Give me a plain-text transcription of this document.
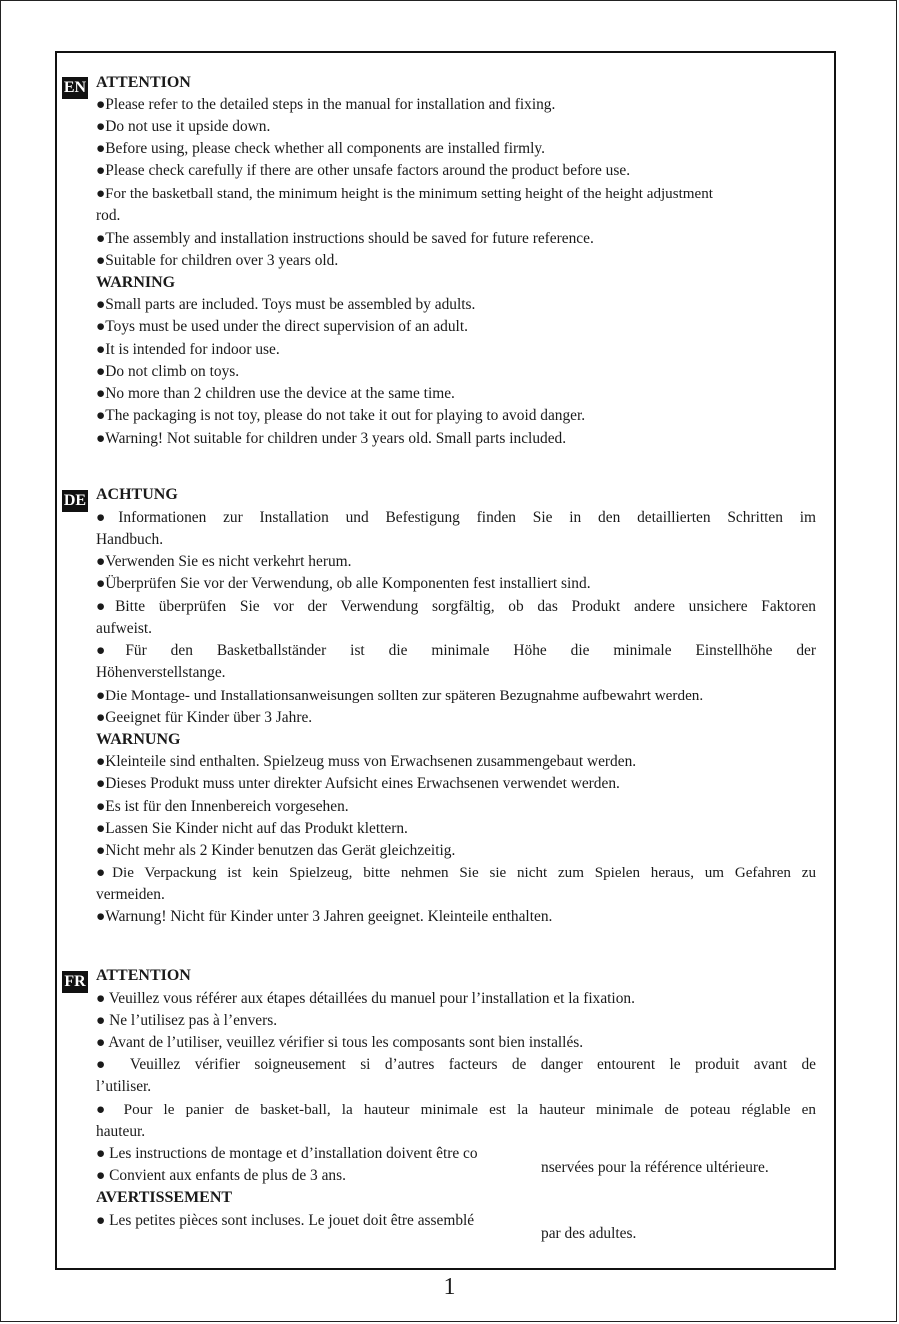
EN ATTENTION
●Please refer to the detailed steps in the manual for installation and fixing.
●Do not use it upside down.
●Before using, please check whether all components are installed firmly.
●Please check carefully if there are other unsafe factors around the product before use.
●For the basketball stand, the minimum height is the minimum setting height of the height adjustment
rod.
●The assembly and installation instructions should be saved for future reference.
●Suitable for children over 3 years old.
WARNING
●Small parts are included. Toys must be assembled by adults.
●Toys must be used under the direct supervision of an adult.
●It is intended for indoor use.
●Do not climb on toys.
●No more than 2 children use the device at the same time.
●The packaging is not toy, please do not take it out for playing to avoid danger.
●Warning! Not suitable for children under 3 years old. Small parts included.
DE ACHTUNG
●Informationen zur Installation und Befestigung finden Sie in den detaillierten Schritten im
Handbuch.
●Verwenden Sie es nicht verkehrt herum.
●Überprüfen Sie vor der Verwendung, ob alle Komponenten fest installiert sind.
●Bitte überprüfen Sie vor der Verwendung sorgfältig, ob das Produkt andere unsichere Faktoren
aufweist.
●Für den Basketballständer ist die minimale Höhe die minimale Einstellhöhe der
Höhenverstellstange.
●Die Montage- und Installationsanweisungen sollten zur späteren Bezugnahme aufbewahrt werden.
●Geeignet für Kinder über 3 Jahre.
WARNUNG
●Kleinteile sind enthalten. Spielzeug muss von Erwachsenen zusammengebaut werden.
●Dieses Produkt muss unter direkter Aufsicht eines Erwachsenen verwendet werden.
●Es ist für den Innenbereich vorgesehen.
●Lassen Sie Kinder nicht auf das Produkt klettern.
●Nicht mehr als 2 Kinder benutzen das Gerät gleichzeitig.
●Die Verpackung ist kein Spielzeug, bitte nehmen Sie sie nicht zum Spielen heraus, um Gefahren zu
vermeiden.
●Warnung! Nicht für Kinder unter 3 Jahren geeignet. Kleinteile enthalten.
FR ATTENTION
● Veuillez vous référer aux étapes détaillées du manuel pour l’installation et la fixation.
● Ne l’utilisez pas à l’envers.
● Avant de l’utiliser, veuillez vérifier si tous les composants sont bien installés.
● Veuillez vérifier soigneusement si d’autres facteurs de danger entourent le produit avant de
l’utiliser.
● Pour le panier de basket-ball, la hauteur minimale est la hauteur minimale de poteau réglable en
hauteur.
● Les instructions de montage et d’installation doivent être co
nservées pour la référence ultérieure.
● Convient aux enfants de plus de 3 ans.
AVERTISSEMENT
● Les petites pièces sont incluses. Le jouet doit être assemblé
par des adultes.
1
